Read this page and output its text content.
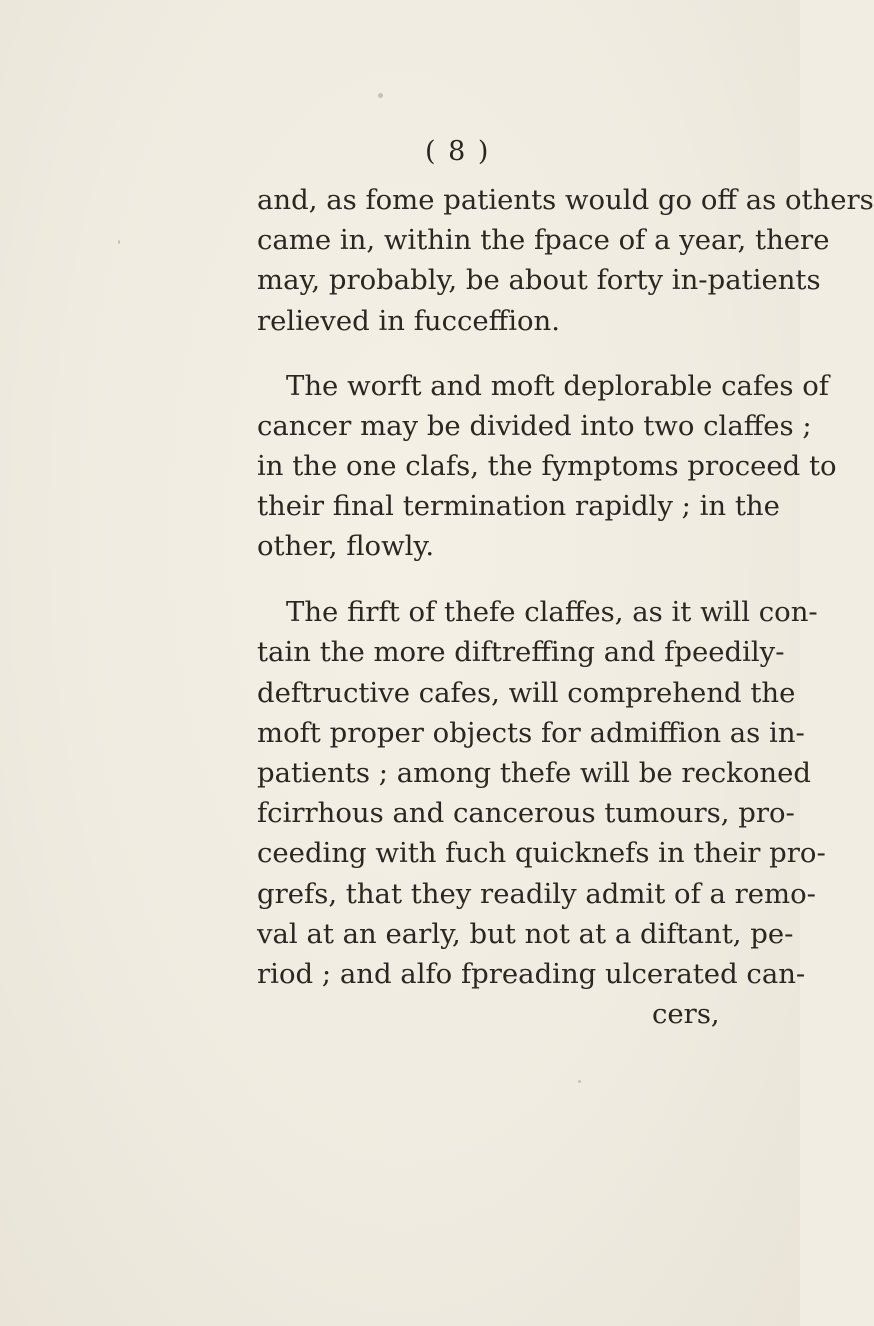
( 8 )
and, as fome patients would go off as others
came in, within the fpace of a year, there
may, probably, be about forty in-patients
relieved in fucceffion.
The worft and moft deplorable cafes of
cancer may be divided into two claffes ;
in the one clafs, the fymptoms proceed to
their final termination rapidly ; in the
other, flowly.
The firft of thefe claffes, as it will con-
tain the more diftreffing and fpeedily-
deftructive cafes, will comprehend the
moft proper objects for admiffion as in-
patients ; among thefe will be reckoned
fcirrhous and cancerous tumours, pro-
ceeding with fuch quicknefs in their pro-
grefs, that they readily admit of a remo-
val at an early, but not at a diftant, pe-
riod ; and alfo fpreading ulcerated can-
cers,
